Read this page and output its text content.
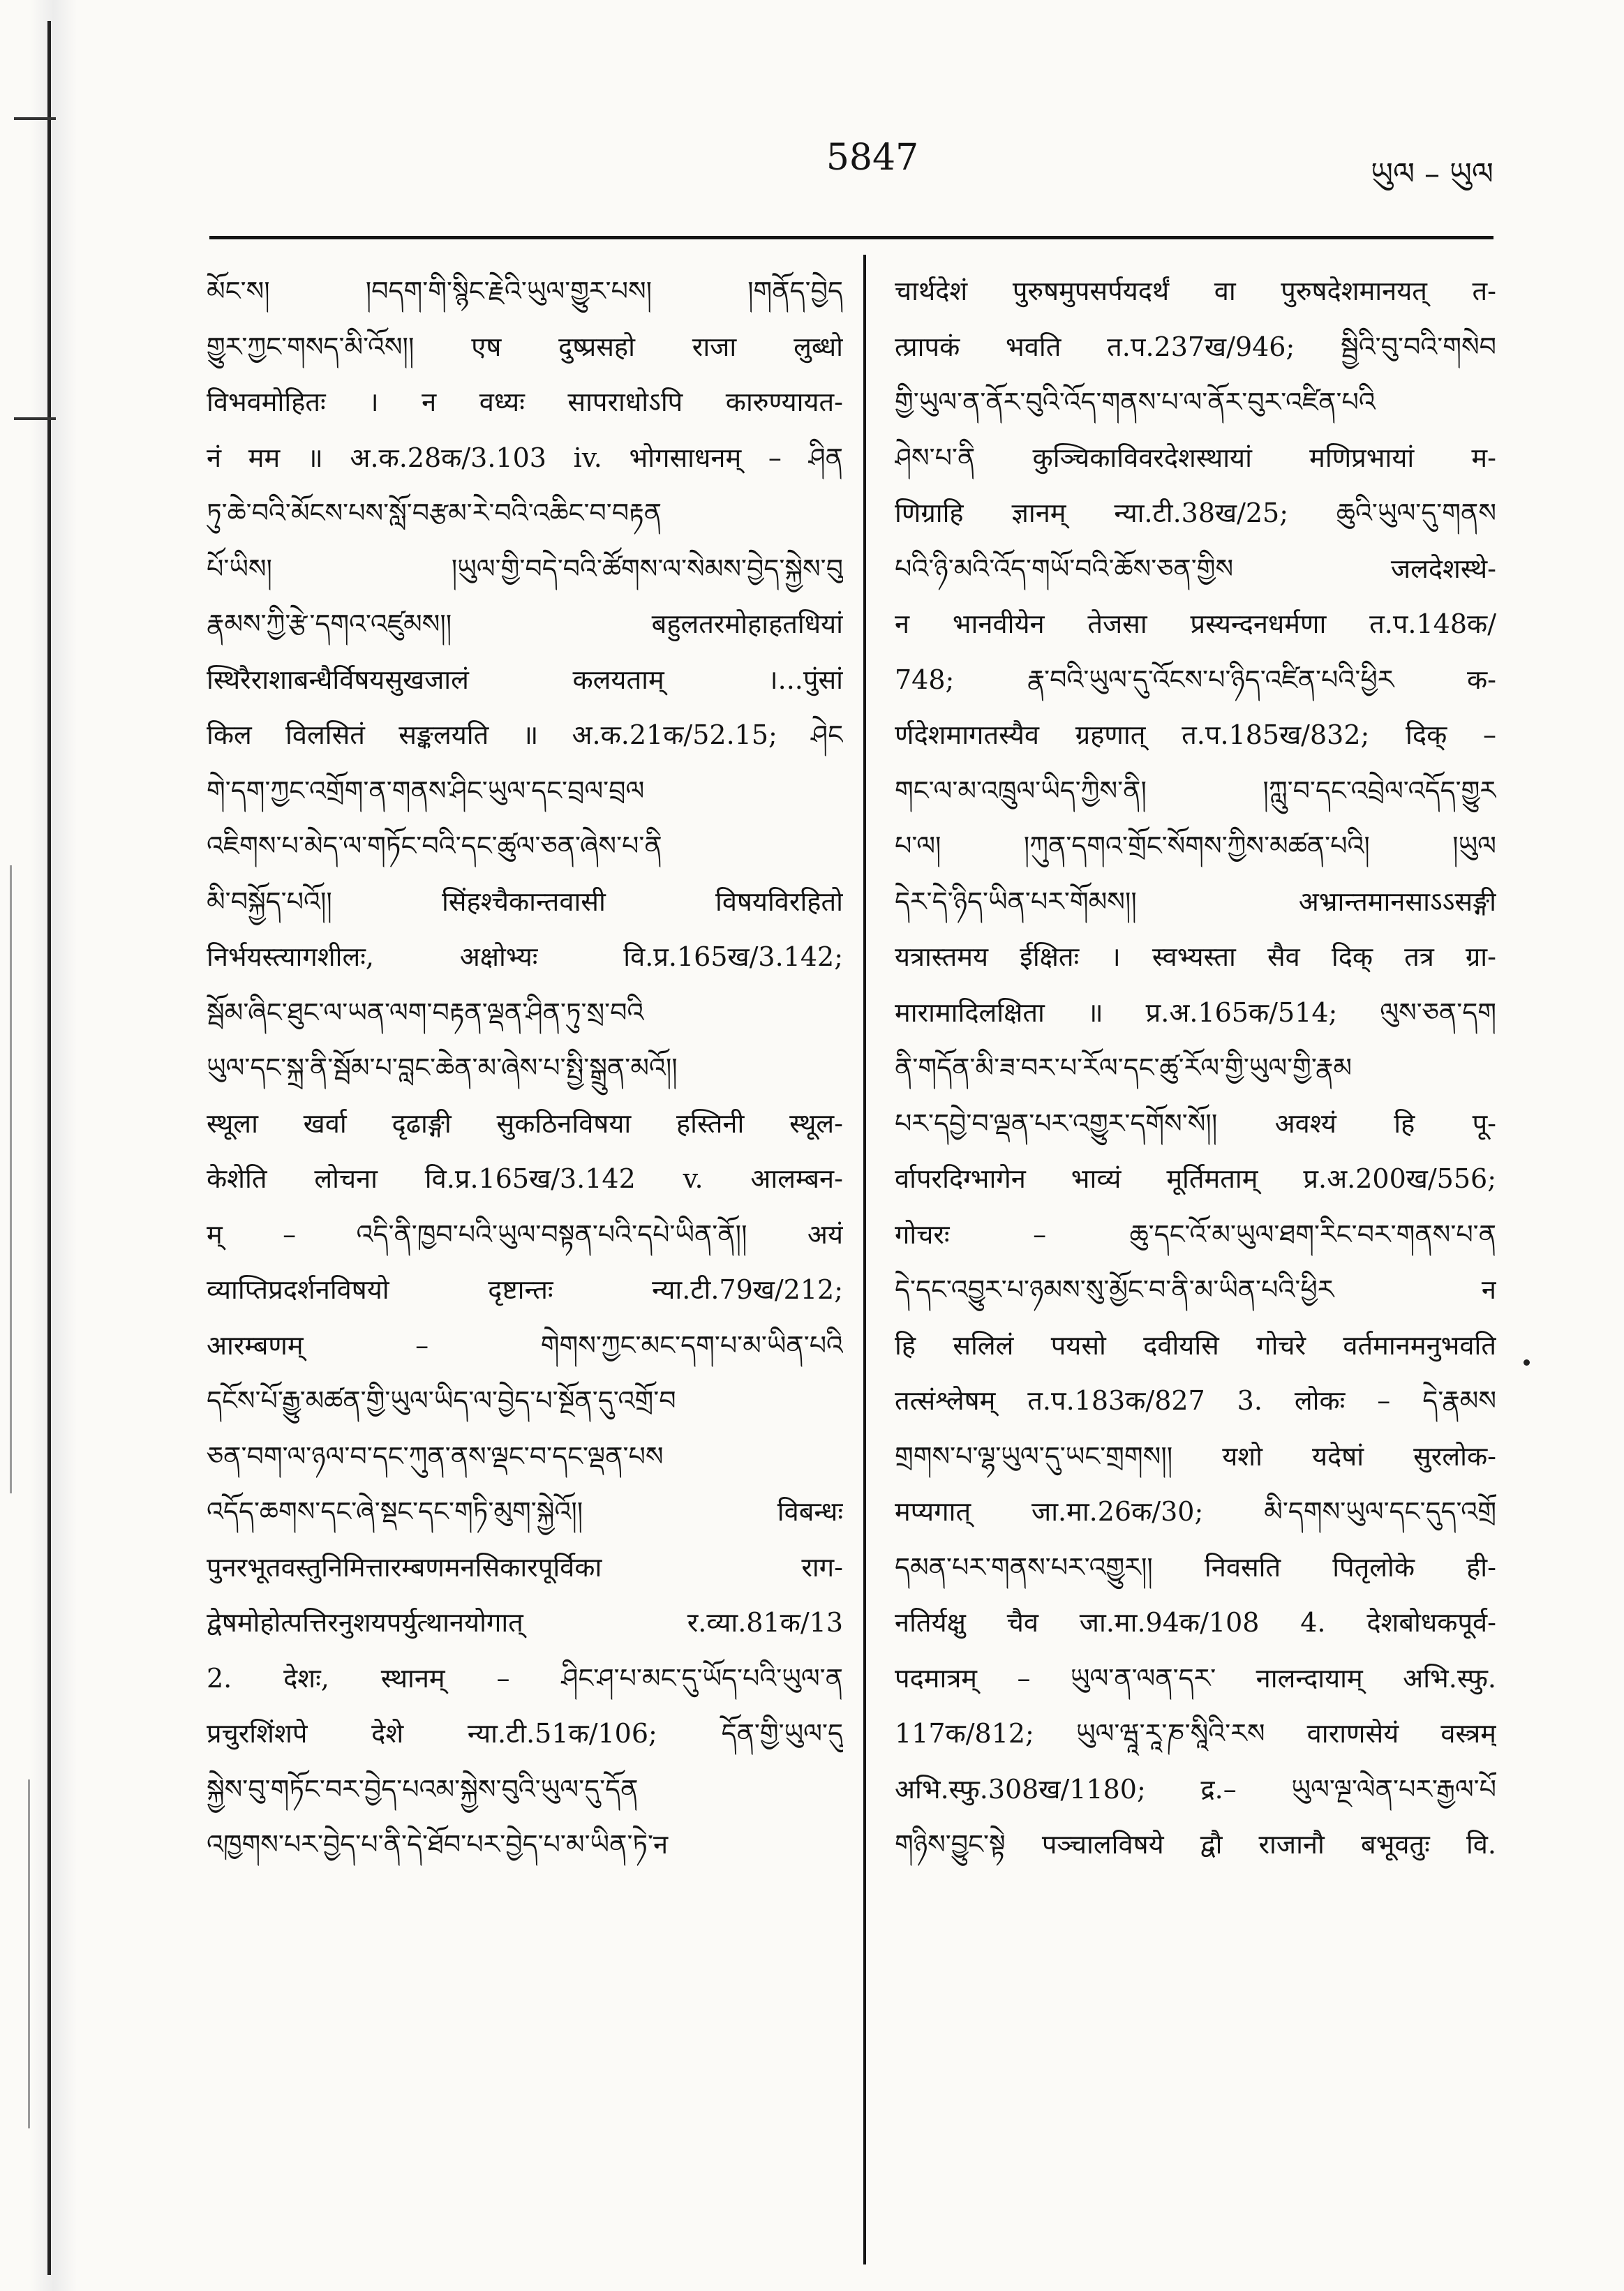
5847	ཡུལ – ཡུལ
མོང་ས། །བདག་གི་སྙིང་རྗེའི་ཡུལ་གྱུར་པས། །གནོད་བྱེད
གྱུར་ཀྱང་གསད་མི་འོས།། एष दुष्प्रसहो राजा लुब्धो
विभवमोहितः । न वध्यः सापराधोऽपि कारुण्यायत-
नं मम ॥ अ.क.28क/3.103 iv. भोगसाधनम् – ཤིན
ཏུ་ཆེ་བའི་མོངས་པས་སློ་བརྩམ་རེ་བའི་འཆིང་བ་བརྟན
པོ་ཡིས། །ཡུལ་གྱི་བདེ་བའི་ཚོགས་ལ་སེམས་བྱེད་སྐྱེས་བུ
རྣམས་ཀྱི་རྩེ་དགའ་འཛུམས།། बहुलतरमोहाहतधियां
स्थिरैराशाबन्धैर्विषयसुखजालं कलयताम् ।...पुंसां
किल विलसितं सङ्कलयति ॥ अ.क.21क/52.15; ཤེང
གེ་དག་ཀྱང་འགྲོག་ན་གནས་ཤིང་ཡུལ་དང་བྲལ་བྲལ
འཇིགས་པ་མེད་ལ་གཏོང་བའི་དང་ཚུལ་ཅན་ཞེས་པ་ནི
མི་བསྐྱོད་པའོ།། सिंहश्चैकान्तवासी विषयविरहितो
निर्भयस्त्यागशीलः, अक्षोभ्यः वि.प्र.165ख/3.142;
སྦོམ་ཞིང་ཐུང་ལ་ཡན་ལག་བརྟན་ལྡན་ཤིན་ཏུ་སྲ་བའི
ཡུལ་དང་སྐྲ་ནི་སྦོམ་པ་བླང་ཆེན་མ་ཞེས་པ་སྤྱི་སྒྲུན་མའོ།།
स्थूला खर्वा दृढाङ्गी सुकठिनविषया हस्तिनी स्थूल-
केशेति लोचना वि.प्र.165ख/3.142 v. आलम्बन-
म् – འདི་ནི་ཁྱབ་པའི་ཡུལ་བསྟན་པའི་དཔེ་ཡིན་ནོ།། अयं
व्याप्तिप्रदर्शनविषयो दृष्टान्तः न्या.टी.79ख/212;
आरम्बणम् – གེགས་ཀྱང་མང་དག་པ་མ་ཡིན་པའི
དངོས་པོ་རྒྱུ་མཚན་གྱི་ཡུལ་ཡིད་ལ་བྱེད་པ་སྔོན་དུ་འགྲོ་བ
ཅན་བག་ལ་ཉལ་བ་དང་ཀུན་ནས་ལྡང་བ་དང་ལྡན་པས
འདོད་ཆགས་དང་ཞེ་སྡང་དང་གཏི་མུག་སྐྱེའོ།། विबन्धः
पुनरभूतवस्तुनिमित्तारम्बणमनसिकारपूर्विका राग-
द्वेषमोहोत्पत्तिरनुशयपर्युत्थानयोगात् र.व्या.81क/13
2. देशः, स्थानम् – ཤིང་ཤ་པ་མང་དུ་ཡོད་པའི་ཡུལ་ན
प्रचुरशिंशपे देशे न्या.टी.51क/106; དོན་གྱི་ཡུལ་དུ
སྐྱེས་བུ་གཏོང་བར་བྱེད་པའམ་སྐྱེས་བུའི་ཡུལ་དུ་དོན
འཁྱགས་པར་བྱེད་པ་ནི་དེ་ཐོབ་པར་བྱེད་པ་མ་ཡིན་ཏེ་न
चार्थदेशं पुरुषमुपसर्पयदर्थं वा पुरुषदेशमानयत् त-
त्प्रापकं भवति त.प.237ख/946; སྦྱིའི་བུ་བའི་གསེབ
གྱི་ཡུལ་ན་ནོར་བུའི་འོད་གནས་པ་ལ་ནོར་བུར་འཛིན་པའི
ཤེས་པ་ནི कुञ्चिकाविवरदेशस्थायां मणिप्रभायां म-
णिग्राहि ज्ञानम् न्या.टी.38ख/25; ཆུའི་ཡུལ་དུ་གནས
པའི་ཉི་མའི་འོད་གཡོ་བའི་ཆོས་ཅན་གྱིས जलदेशस्थे-
न भानवीयेन तेजसा प्रस्यन्दनधर्मणा त.प.148क/
748; རྣ་བའི་ཡུལ་དུ་འོངས་པ་ཉིད་འཛིན་པའི་ཕྱིར क-
र्णदेशमागतस्यैव ग्रहणात् त.प.185ख/832; दिक् –
གང་ལ་མ་འཁྲུལ་ཡིད་ཀྱིས་ནི། །ཀླུ་བ་དང་འབྲེལ་འདོད་གྱུར
པ་ལ། །ཀུན་དགའ་གྲོང་སོགས་ཀྱིས་མཚན་པའི། །ཡུལ
དེར་དེ་ཉིད་ཡིན་པར་གོམས།། अभ्रान्तमानसाऽऽसङ्गी
यत्रास्तमय ईक्षितः । स्वभ्यस्ता सैव दिक् तत्र ग्रा-
मारामादिलक्षिता ॥ प्र.अ.165क/514; ལུས་ཅན་དག
ནི་གདོན་མི་ཟ་བར་པ་རོལ་དང་ཚུ་རོལ་གྱི་ཡུལ་གྱི་རྣམ
པར་དབྱེ་བ་ལྡན་པར་འགྱུར་དགོས་སོ།། अवश्यं हि पू-
र्वापरदिग्भागेन भाव्यं मूर्तिमताम् प्र.अ.200ख/556;
गोचरः – ཆུ་དང་འོ་མ་ཡུལ་ཐག་རིང་བར་གནས་པ་ན
དེ་དང་འབྱུར་པ་ཉམས་སུ་མྱོང་བ་ནི་མ་ཡིན་པའི་ཕྱིར न
हि सलिलं पयसो दवीयसि गोचरे वर्तमानमनुभवति
तत्संश्लेषम् त.प.183क/827 3. लोकः – དེ་རྣམས
གྲགས་པ་ལྷ་ཡུལ་དུ་ཡང་གྲགས།། यशो यदेषां सुरलोक-
मप्यगात् जा.मा.26क/30; མི་དགས་ཡུལ་དང་དུད་འགྲོ
དམན་པར་གནས་པར་འགྱུར།། निवसति पितृलोके ही-
नतिर्यक्षु चैव जा.मा.94क/108 4. देशबोधकपूर्व-
पदमात्रम् – ཡུལ་ན་ལན་དར་ नालन्दायाम् अभि.स्फु.
117क/812; ཡུལ་ཝཱ་རཱ་ཎ་སཱིའི་རས वाराणसेयं वस्त्रम्
अभि.स्फु.308ख/1180; द्र.– ཡུལ་ལྔ་ལེན་པར་རྒྱལ་པོ
གཉིས་བྱུང་སྟེ पञ्चालविषये द्वौ राजानौ बभूवतुः वि.
